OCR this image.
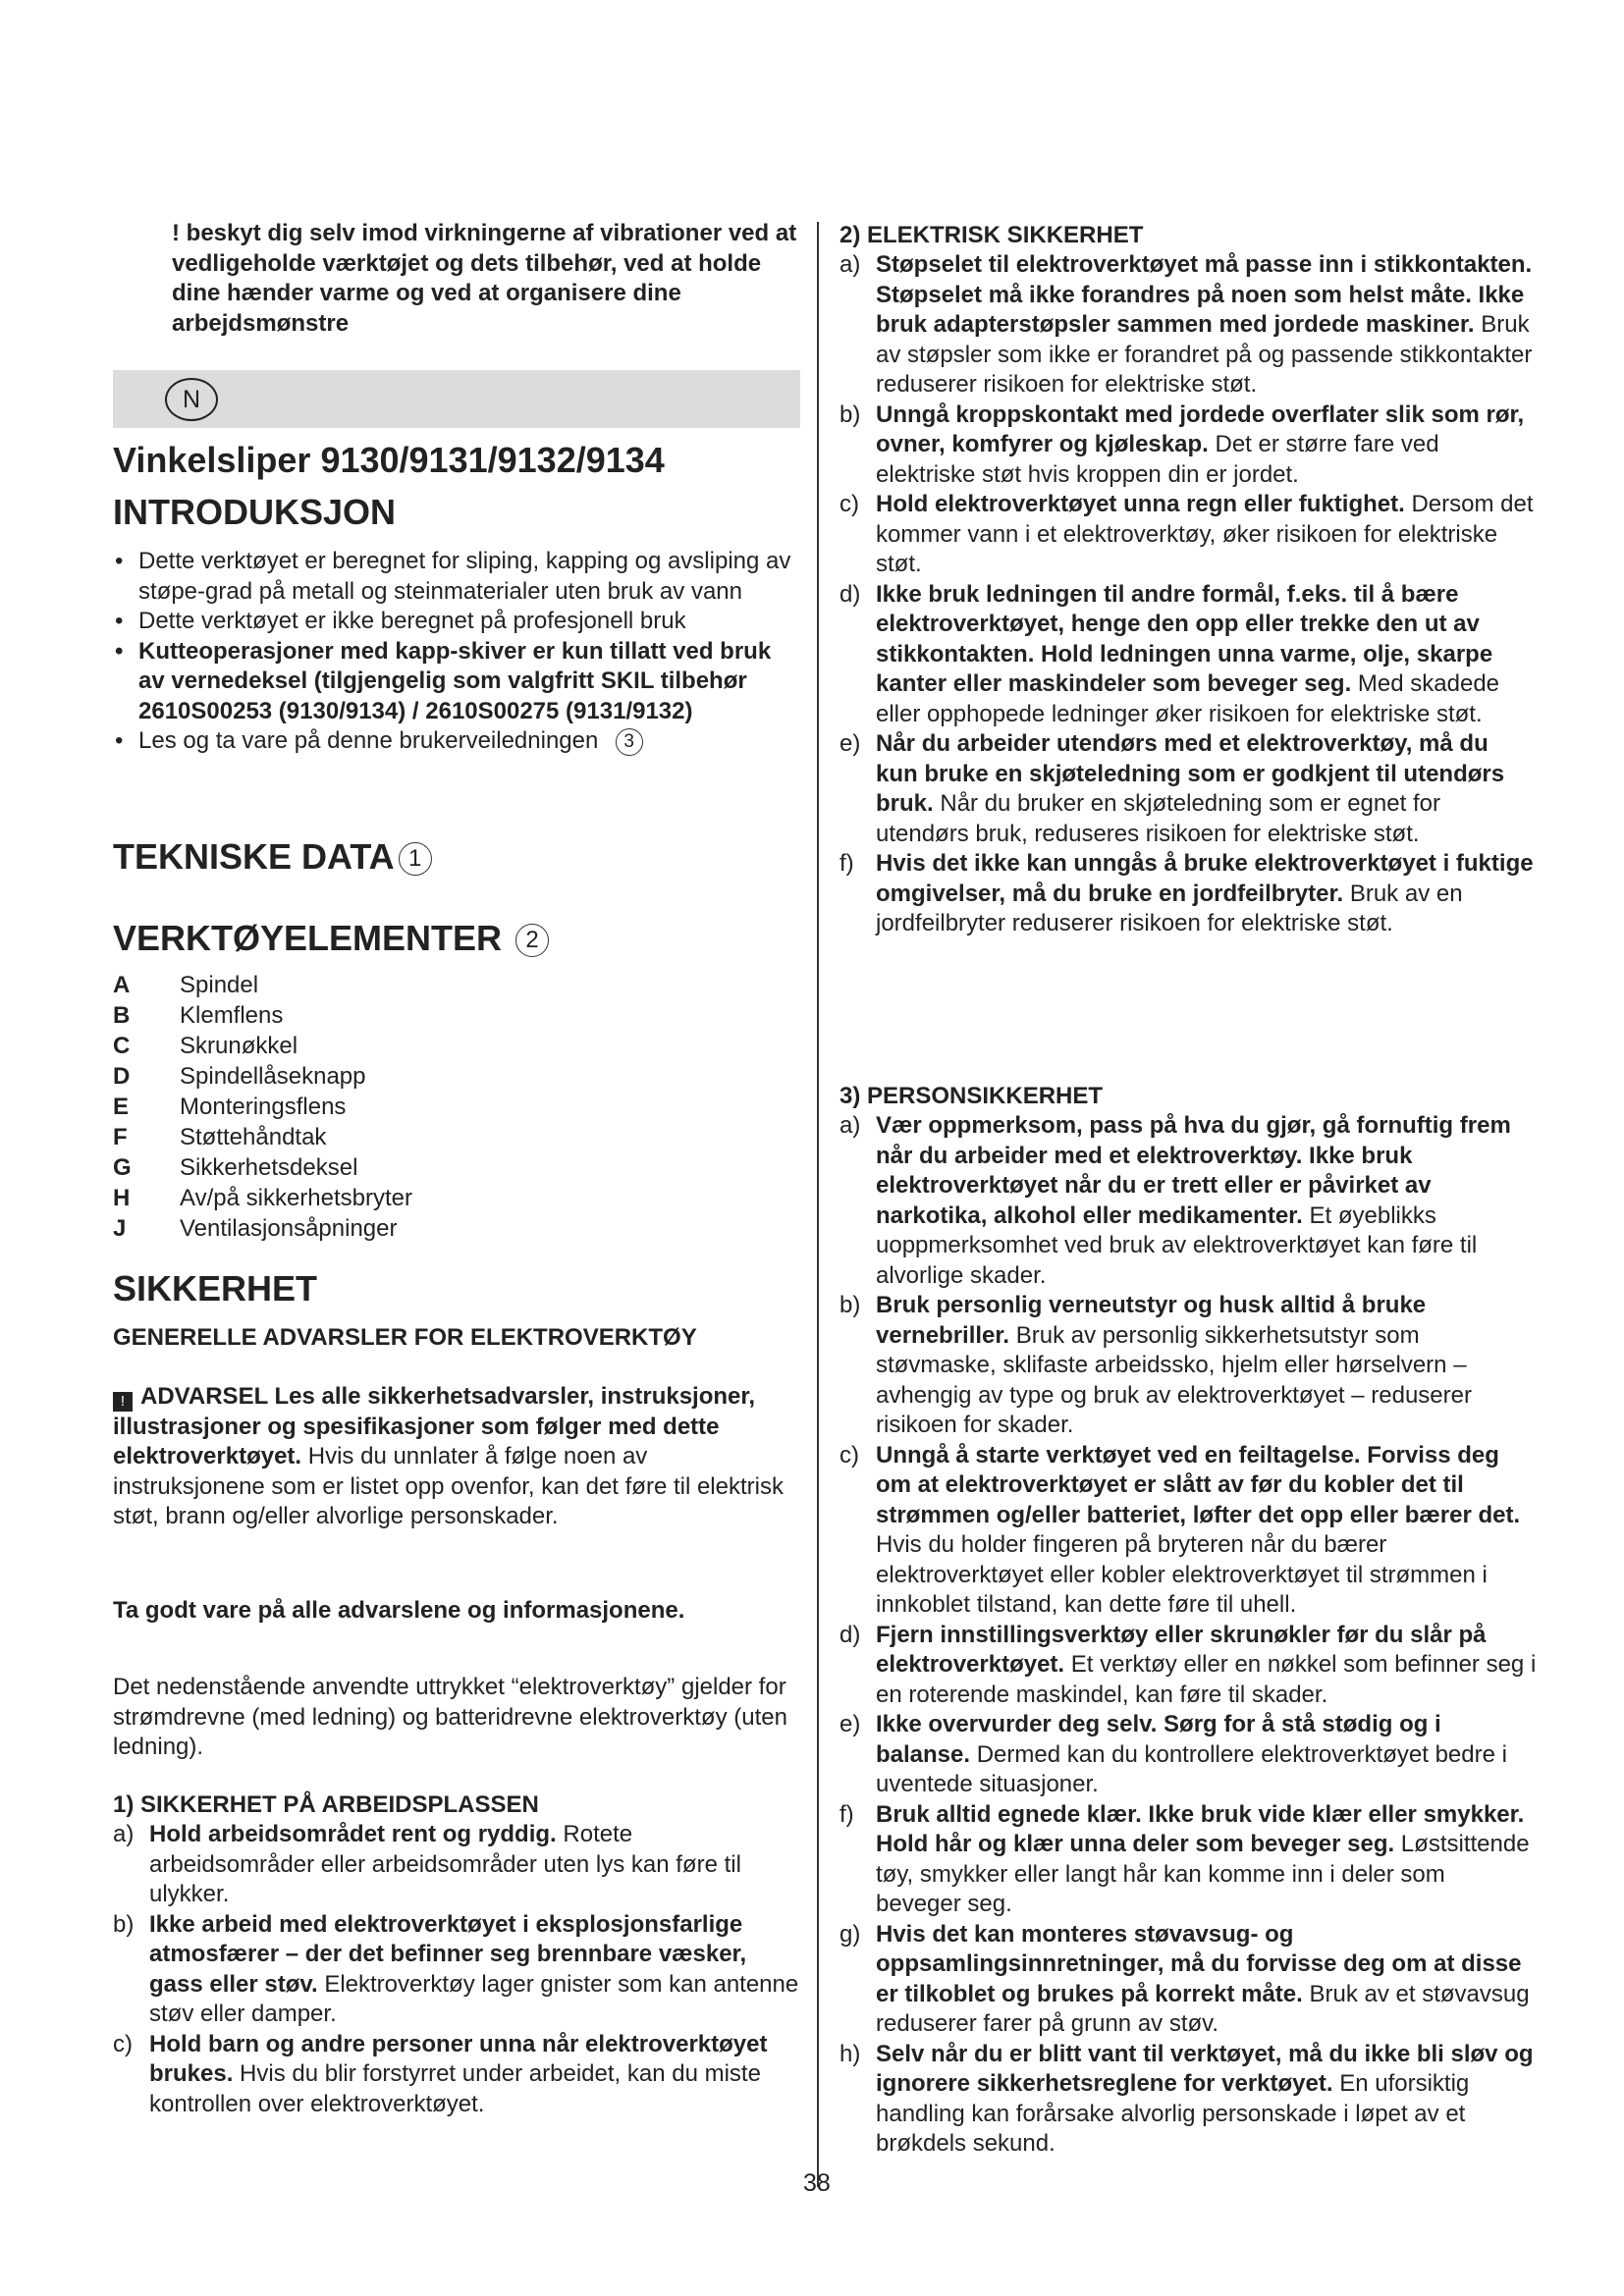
! beskyt dig selv imod virkningerne af vibrationer ved at vedligeholde værktøjet og dets tilbehør, ved at holde dine hænder varme og ved at organisere dine arbejdsmønstre
N
Vinkelsliper 9130/9131/9132/9134
INTRODUKSJON
• Dette verktøyet er beregnet for sliping, kapping og avsliping av støpe-grad på metall og steinmaterialer uten bruk av vann
• Dette verktøyet er ikke beregnet på profesjonell bruk
• Kutteoperasjoner med kapp-skiver er kun tillatt ved bruk av vernedeksel (tilgjengelig som valgfritt SKIL tilbehør 2610S00253 (9130/9134) / 2610S00275 (9131/9132)
• Les og ta vare på denne brukerveiledningen 3
TEKNISKE DATA 1
VERKTØYELEMENTER 2
A Spindel
B Klemflens
C Skrunøkkel
D Spindellåseknapp
E Monteringsflens
F Støttehåndtak
G Sikkerhetsdeksel
H Av/på sikkerhetsbryter
J Ventilasjonsåpninger
SIKKERHET
GENERELLE ADVARSLER FOR ELEKTROVERKTØY
! ADVARSEL Les alle sikkerhetsadvarsler, instruksjoner, illustrasjoner og spesifikasjoner som følger med dette elektroverktøyet. Hvis du unnlater å følge noen av instruksjonene som er listet opp ovenfor, kan det føre til elektrisk støt, brann og/eller alvorlige personskader.
Ta godt vare på alle advarslene og informasjonene.
Det nedenstående anvendte uttrykket “elektroverktøy” gjelder for strømdrevne (med ledning) og batteridrevne elektroverktøy (uten ledning).
1) SIKKERHET PÅ ARBEIDSPLASSEN
a) Hold arbeidsområdet rent og ryddig. Rotete arbeidsområder eller arbeidsområder uten lys kan føre til ulykker.
b) Ikke arbeid med elektroverktøyet i eksplosjonsfarlige atmosfærer – der det befinner seg brennbare væsker, gass eller støv. Elektroverktøy lager gnister som kan antenne støv eller damper.
c) Hold barn og andre personer unna når elektroverktøyet brukes. Hvis du blir forstyrret under arbeidet, kan du miste kontrollen over elektroverktøyet.
2) ELEKTRISK SIKKERHET
a) Støpselet til elektroverktøyet må passe inn i stikkontakten. Støpselet må ikke forandres på noen som helst måte. Ikke bruk adapterstøpsler sammen med jordede maskiner. Bruk av støpsler som ikke er forandret på og passende stikkontakter reduserer risikoen for elektriske støt.
b) Unngå kroppskontakt med jordede overflater slik som rør, ovner, komfyrer og kjøleskap. Det er større fare ved elektriske støt hvis kroppen din er jordet.
c) Hold elektroverktøyet unna regn eller fuktighet. Dersom det kommer vann i et elektroverktøy, øker risikoen for elektriske støt.
d) Ikke bruk ledningen til andre formål, f.eks. til å bære elektroverktøyet, henge den opp eller trekke den ut av stikkontakten. Hold ledningen unna varme, olje, skarpe kanter eller maskindeler som beveger seg. Med skadede eller opphopede ledninger øker risikoen for elektriske støt.
e) Når du arbeider utendørs med et elektroverktøy, må du kun bruke en skjøteledning som er godkjent til utendørs bruk. Når du bruker en skjøteledning som er egnet for utendørs bruk, reduseres risikoen for elektriske støt.
f) Hvis det ikke kan unngås å bruke elektroverktøyet i fuktige omgivelser, må du bruke en jordfeilbryter. Bruk av en jordfeilbryter reduserer risikoen for elektriske støt.
3) PERSONSIKKERHET
a) Vær oppmerksom, pass på hva du gjør, gå fornuftig frem når du arbeider med et elektroverktøy. Ikke bruk elektroverktøyet når du er trett eller er påvirket av narkotika, alkohol eller medikamenter. Et øyeblikks uoppmerksomhet ved bruk av elektroverktøyet kan føre til alvorlige skader.
b) Bruk personlig verneutstyr og husk alltid å bruke vernebriller. Bruk av personlig sikkerhetsutstyr som støvmaske, sklifaste arbeidssko, hjelm eller hørselvern – avhengig av type og bruk av elektroverktøyet – reduserer risikoen for skader.
c) Unngå å starte verktøyet ved en feiltagelse. Forviss deg om at elektroverktøyet er slått av før du kobler det til strømmen og/eller batteriet, løfter det opp eller bærer det. Hvis du holder fingeren på bryteren når du bærer elektroverktøyet eller kobler elektroverktøyet til strømmen i innkoblet tilstand, kan dette føre til uhell.
d) Fjern innstillingsverktøy eller skrunøkler før du slår på elektroverktøyet. Et verktøy eller en nøkkel som befinner seg i en roterende maskindel, kan føre til skader.
e) Ikke overvurder deg selv. Sørg for å stå stødig og i balanse. Dermed kan du kontrollere elektroverktøyet bedre i uventede situasjoner.
f) Bruk alltid egnede klær. Ikke bruk vide klær eller smykker. Hold hår og klær unna deler som beveger seg. Løstsittende tøy, smykker eller langt hår kan komme inn i deler som beveger seg.
g) Hvis det kan monteres støvavsug- og oppsamlingsinnretninger, må du forvisse deg om at disse er tilkoblet og brukes på korrekt måte. Bruk av et støvavsug reduserer farer på grunn av støv.
h) Selv når du er blitt vant til verktøyet, må du ikke bli sløv og ignorere sikkerhetsreglene for verktøyet. En uforsiktig handling kan forårsake alvorlig personskade i løpet av et brøkdels sekund.
38
